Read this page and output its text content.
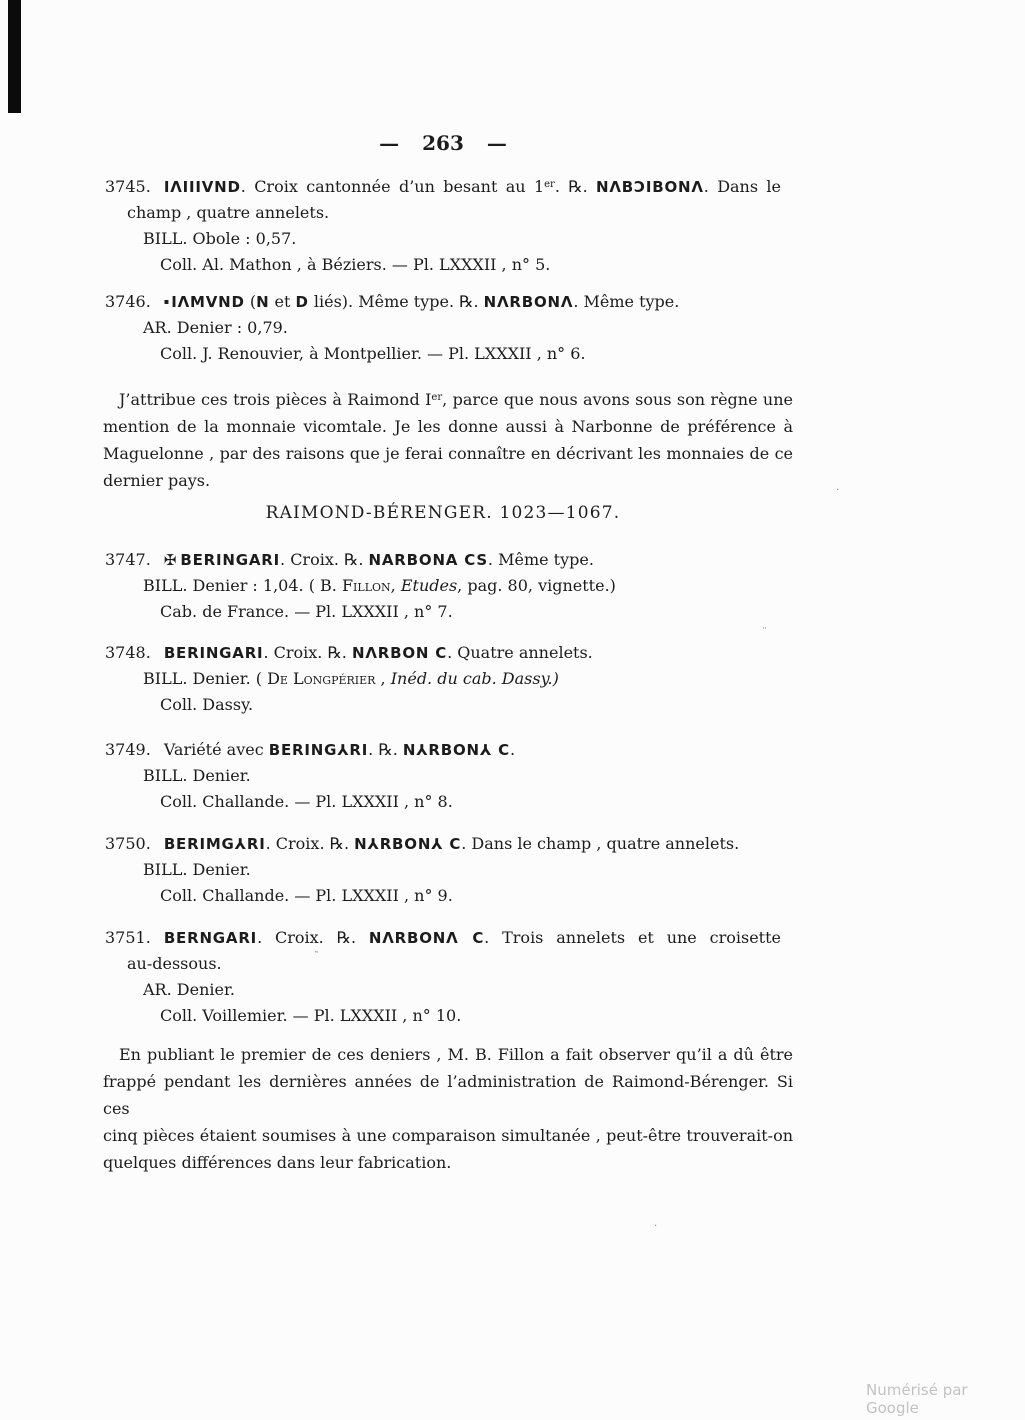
— 263 —
3745. IΛIIIVND. Croix cantonnée d’un besant au 1er. ℞. NΛBƆIBONΛ. Dans le
champ , quatre annelets.
BILL. Obole : 0,57.
Coll. Al. Mathon , à Béziers. — Pl. LXXXII , n° 5.
3746. ▪ IΛMVND (N et D liés). Même type. ℞. NΛRBONΛ. Même type.
AR. Denier : 0,79.
Coll. J. Renouvier, à Montpellier. — Pl. LXXXII , n° 6.
3747. ✠ BERINGARI. Croix. ℞. NARBONA CS. Même type.
BILL. Denier : 1,04. ( B. Fillon, Etudes, pag. 80, vignette.)
Cab. de France. — Pl. LXXXII , n° 7.
3748. BERINGARI. Croix. ℞. NΛRBON C. Quatre annelets.
BILL. Denier. ( De Longpérier , Inéd. du cab. Dassy.)
Coll. Dassy.
3749. Variété avec BERING⅄RI. ℞. N⅄RBON⅄ C.
BILL. Denier.
Coll. Challande. — Pl. LXXXII , n° 8.
3750. BERIMG⅄RI. Croix. ℞. N⅄RBON⅄ C. Dans le champ , quatre annelets.
BILL. Denier.
Coll. Challande. — Pl. LXXXII , n° 9.
3751. BERNGARI. Croix. ℞. NΛRBONΛ C. Trois annelets et une croisette
au-dessous.
AR. Denier.
Coll. Voillemier. — Pl. LXXXII , n° 10.
RAIMOND-BÉRENGER. 1023—1067.
J’attribue ces trois pièces à Raimond Ier, parce que nous avons sous son règne une
mention de la monnaie vicomtale. Je les donne aussi à Narbonne de préférence à
Maguelonne , par des raisons que je ferai connaître en décrivant les monnaies de ce
dernier pays.
En publiant le premier de ces deniers , M. B. Fillon a fait observer qu’il a dû être
frappé pendant les dernières années de l’administration de Raimond-Bérenger. Si ces
cinq pièces étaient soumises à une comparaison simultanée , peut-être trouverait-on
quelques différences dans leur fabrication.
·
¨
·
˜
Numérisé par Google
